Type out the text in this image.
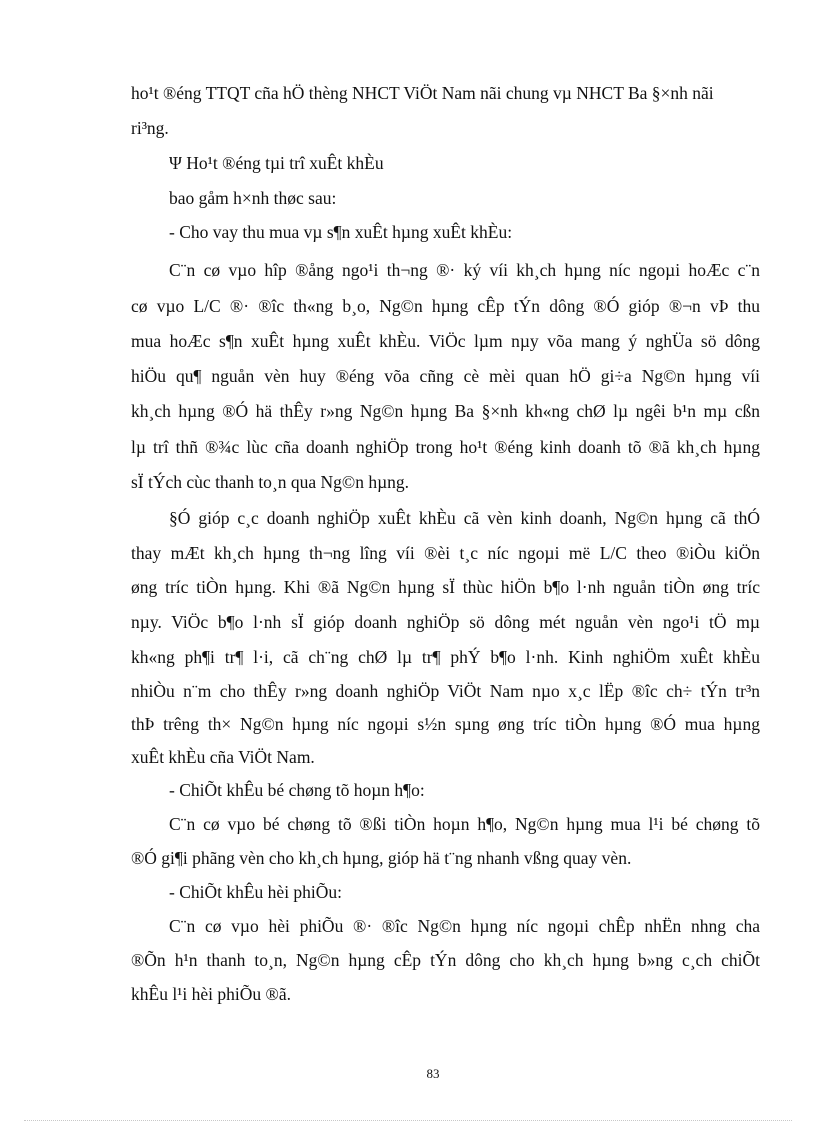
ho¹t ®éng TTQT cña hÖ thèng NHCT ViÖt Nam nãi chung vµ NHCT Ba §×nh nãi

ri³ng.

Ψ Ho¹t ®éng tµi trî xuÊt khÈu

bao gåm h×nh thøc sau:

- Cho vay thu mua vµ s¶n xuÊt hµng xuÊt khÈu:

C¨n cø vµo hîp ®ång ngo¹i th¬ng ®· ký víi kh¸ch hµng níc ngoµi hoÆc c¨n

cø vµo L/C ®· ®îc th«ng b¸o, Ng©n hµng cÊp tÝn dông ®Ó gióp ®¬n vÞ thu

mua hoÆc s¶n xuÊt hµng xuÊt khÈu. ViÖc lµm nµy võa mang ý nghÜa sö dông

hiÖu qu¶ nguån vèn huy ®éng võa cñng cè mèi quan hÖ gi÷a Ng©n hµng víi

kh¸ch hµng ®Ó hä thÊy r»ng Ng©n hµng Ba §×nh kh«ng chØ lµ ngêi b¹n mµ cßn

lµ trî thñ ®¾c lùc cña doanh nghiÖp trong ho¹t ®éng kinh doanh tõ ®ã kh¸ch hµng

sÏ tÝch cùc thanh to¸n qua Ng©n hµng.

§Ó gióp c¸c doanh nghiÖp xuÊt khÈu cã vèn kinh doanh, Ng©n hµng cã thÓ

thay mÆt kh¸ch hµng th¬ng lîng víi ®èi t¸c níc ngoµi më L/C theo ®iÒu kiÖn

øng tríc tiÒn hµng. Khi ®ã Ng©n hµng sÏ thùc hiÖn b¶o l·nh nguån tiÒn øng tríc

nµy. ViÖc b¶o l·nh sÏ gióp doanh nghiÖp sö dông mét nguån vèn ngo¹i tÖ mµ

kh«ng ph¶i tr¶ l·i, cã ch¨ng chØ lµ tr¶ phÝ b¶o l·nh. Kinh nghiÖm xuÊt khÈu

nhiÒu n¨m cho thÊy r»ng doanh nghiÖp ViÖt Nam nµo x¸c lËp ®îc ch÷ tÝn tr³n

thÞ trêng th× Ng©n hµng níc ngoµi s½n sµng øng tríc tiÒn hµng ®Ó mua hµng

xuÊt khÈu cña ViÖt Nam.

- ChiÕt khÊu bé chøng tõ hoµn h¶o:

C¨n cø vµo bé chøng tõ ®ßi tiÒn hoµn h¶o, Ng©n hµng mua l¹i bé chøng tõ

®Ó gi¶i phãng vèn cho kh¸ch hµng, gióp hä t¨ng nhanh vßng quay vèn.

- ChiÕt khÊu hèi phiÕu:

C¨n cø vµo hèi phiÕu ®· ®îc Ng©n hµng níc ngoµi chÊp nhËn nhng cha

®Õn h¹n thanh to¸n, Ng©n hµng cÊp tÝn dông cho kh¸ch hµng b»ng c¸ch chiÕt

khÊu l¹i hèi phiÕu ®ã.

83
